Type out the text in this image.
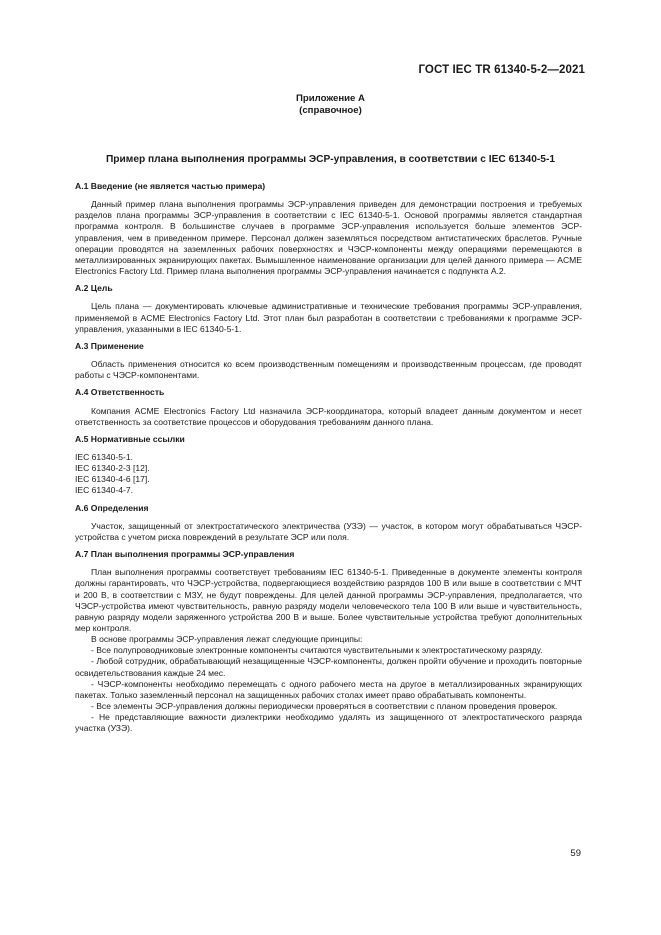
ГОСТ IEC TR 61340-5-2—2021
Приложение А
(справочное)
Пример плана выполнения программы ЭСР-управления, в соответствии с IEC 61340-5-1
А.1 Введение (не является частью примера)

Данный пример плана выполнения программы ЭСР-управления приведен для демонстрации построения и требуемых разделов плана программы ЭСР-управления в соответствии с IEC 61340-5-1. Основой программы является стандартная программа контроля. В большинстве случаев в программе ЭСР-управления используется больше элементов ЭСР-управления, чем в приведенном примере. Персонал должен заземляться посредством антистатических браслетов. Ручные операции проводятся на заземленных рабочих поверхностях и ЧЭСР-компоненты между операциями перемещаются в металлизированных экранирующих пакетах. Вымышленное наименование организации для целей данного примера — ACME Electronics Factory Ltd. Пример плана выполнения программы ЭСР-управления начинается с подпункта А.2.

А.2 Цель

Цель плана — документировать ключевые административные и технические требования программы ЭСР-управления, применяемой в ACME Electronics Factory Ltd. Этот план был разработан в соответствии с требованиями к программе ЭСР-управления, указанными в IEC 61340-5-1.

А.3 Применение

Область применения относится ко всем производственным помещениям и производственным процессам, где проводят работы с ЧЭСР-компонентами.

А.4 Ответственность

Компания ACME Electronics Factory Ltd назначила ЭСР-координатора, который владеет данным документом и несет ответственность за соответствие процессов и оборудования требованиям данного плана.

А.5 Нормативные ссылки

IEC 61340-5-1.

IEC 61340-2-3 [12].

IEC 61340-4-6 [17].

IEC 61340-4-7.

А.6 Определения

Участок, защищенный от электростатического электричества (УЗЭ) — участок, в котором могут обрабатываться ЧЭСР-устройства с учетом риска повреждений в результате ЭСР или поля.

А.7 План выполнения программы ЭСР-управления

План выполнения программы соответствует требованиям IEC 61340-5-1. Приведенные в документе элементы контроля должны гарантировать, что ЧЭСР-устройства, подвергающиеся воздействию разрядов 100 В или выше в соответствии с МЧТ и 200 В, в соответствии с МЗУ, не будут повреждены. Для целей данной программы ЭСР-управления, предполагается, что ЧЭСР-устройства имеют чувствительность, равную разряду модели человеческого тела 100 В или выше и чувствительность, равную разряду модели заряженного устройства 200 В и выше. Более чувствительные устройства требуют дополнительных мер контроля.

В основе программы ЭСР-управления лежат следующие принципы:

- Все полупроводниковые электронные компоненты считаются чувствительными к электростатическому разряду.

- Любой сотрудник, обрабатывающий незащищенные ЧЭСР-компоненты, должен пройти обучение и проходить повторные освидетельствования каждые 24 мес.

- ЧЭСР-компоненты необходимо перемещать с одного рабочего места на другое в металлизированных экранирующих пакетах. Только заземленный персонал на защищенных рабочих столах имеет право обрабатывать компоненты.

- Все элементы ЭСР-управления должны периодически проверяться в соответствии с планом проведения проверок.

- Не представляющие важности диэлектрики необходимо удалять из защищенного от электростатического разряда участка (УЗЭ).

59
